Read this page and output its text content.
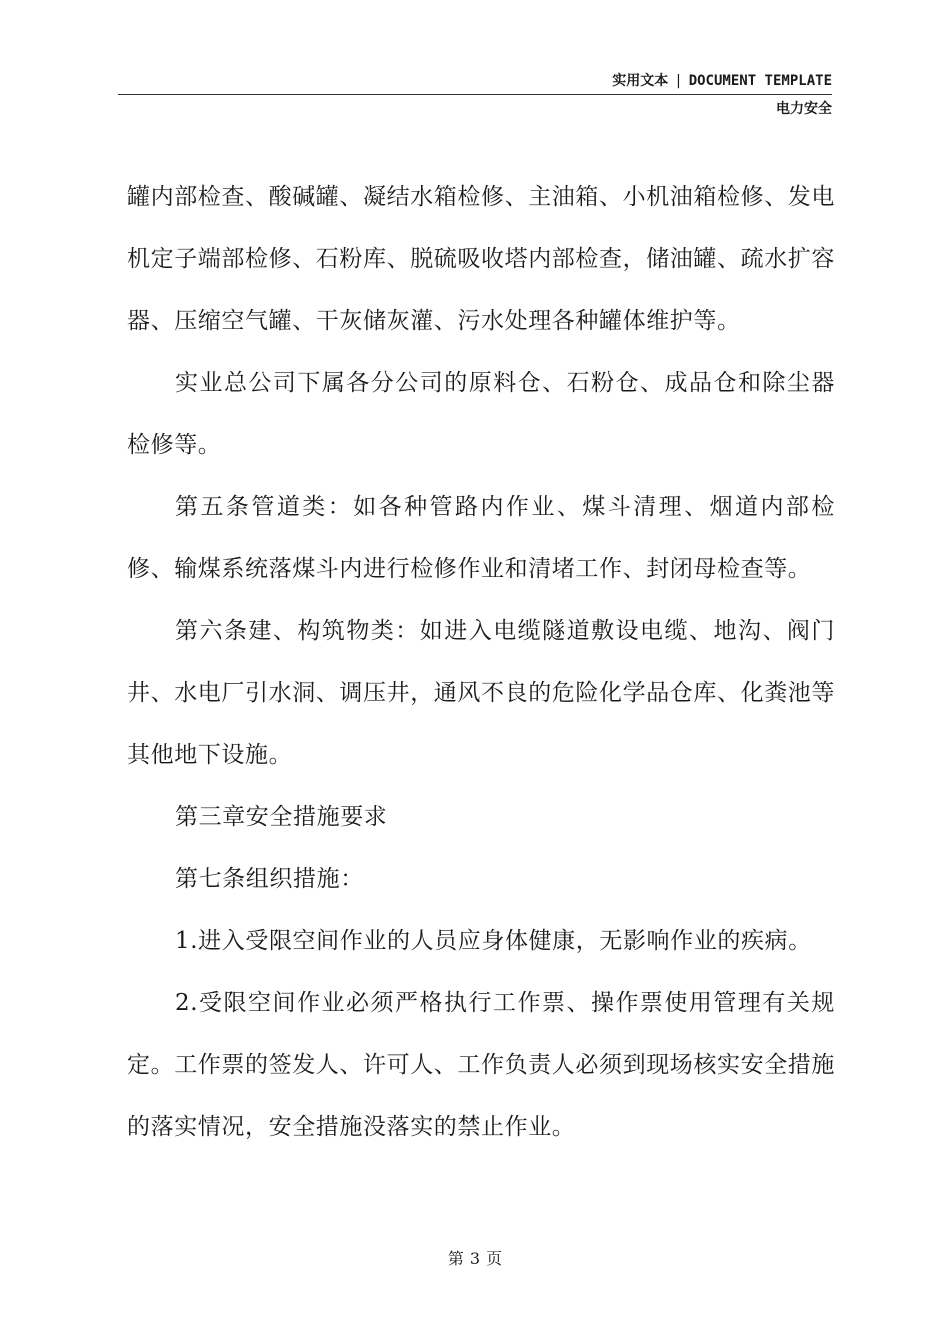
实用文本 | DOCUMENT TEMPLATE
电力安全

罐内部检查、酸碱罐、凝结水箱检修、主油箱、小机油箱检修、发电机定子端部检修、石粉库、脱硫吸收塔内部检查，储油罐、疏水扩容器、压缩空气罐、干灰储灰灌、污水处理各种罐体维护等。

实业总公司下属各分公司的原料仓、石粉仓、成品仓和除尘器检修等。

第五条管道类：如各种管路内作业、煤斗清理、烟道内部检修、输煤系统落煤斗内进行检修作业和清堵工作、封闭母检查等。

第六条建、构筑物类：如进入电缆隧道敷设电缆、地沟、阀门井、水电厂引水洞、调压井，通风不良的危险化学品仓库、化粪池等其他地下设施。

第三章安全措施要求

第七条组织措施：

1.进入受限空间作业的人员应身体健康，无影响作业的疾病。

2.受限空间作业必须严格执行工作票、操作票使用管理有关规定。工作票的签发人、许可人、工作负责人必须到现场核实安全措施的落实情况，安全措施没落实的禁止作业。

第 3 页
